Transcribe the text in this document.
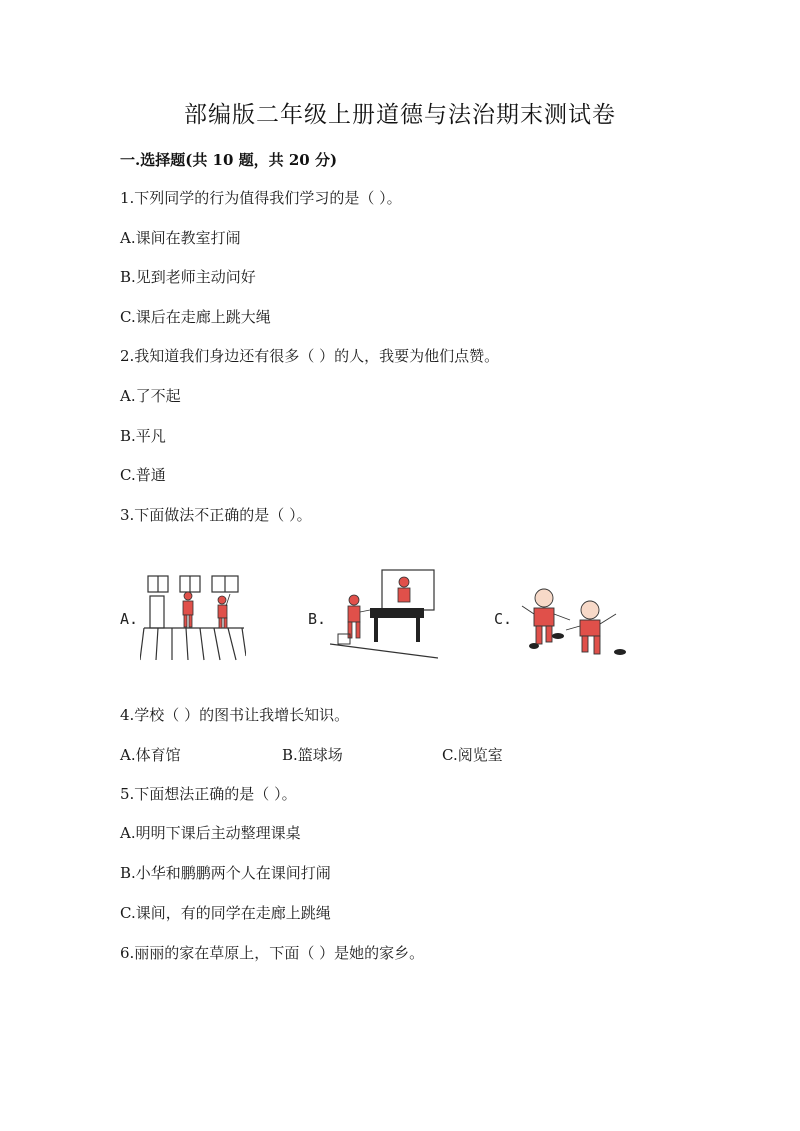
部编版二年级上册道德与法治期末测试卷
一.选择题(共 10 题，共 20 分)
1.下列同学的行为值得我们学习的是（ ）。
A.课间在教室打闹
B.见到老师主动问好
C.课后在走廊上跳大绳
2.我知道我们身边还有很多（ ）的人，我要为他们点赞。
A.了不起
B.平凡
C.普通
3.下面做法不正确的是（ ）。
A.	B.	C.
4.学校（ ）的图书让我增长知识。
A.体育馆	B.篮球场	C.阅览室
5.下面想法正确的是（ ）。
A.明明下课后主动整理课桌
B.小华和鹏鹏两个人在课间打闹
C.课间，有的同学在走廊上跳绳
6.丽丽的家在草原上，下面（ ）是她的家乡。
